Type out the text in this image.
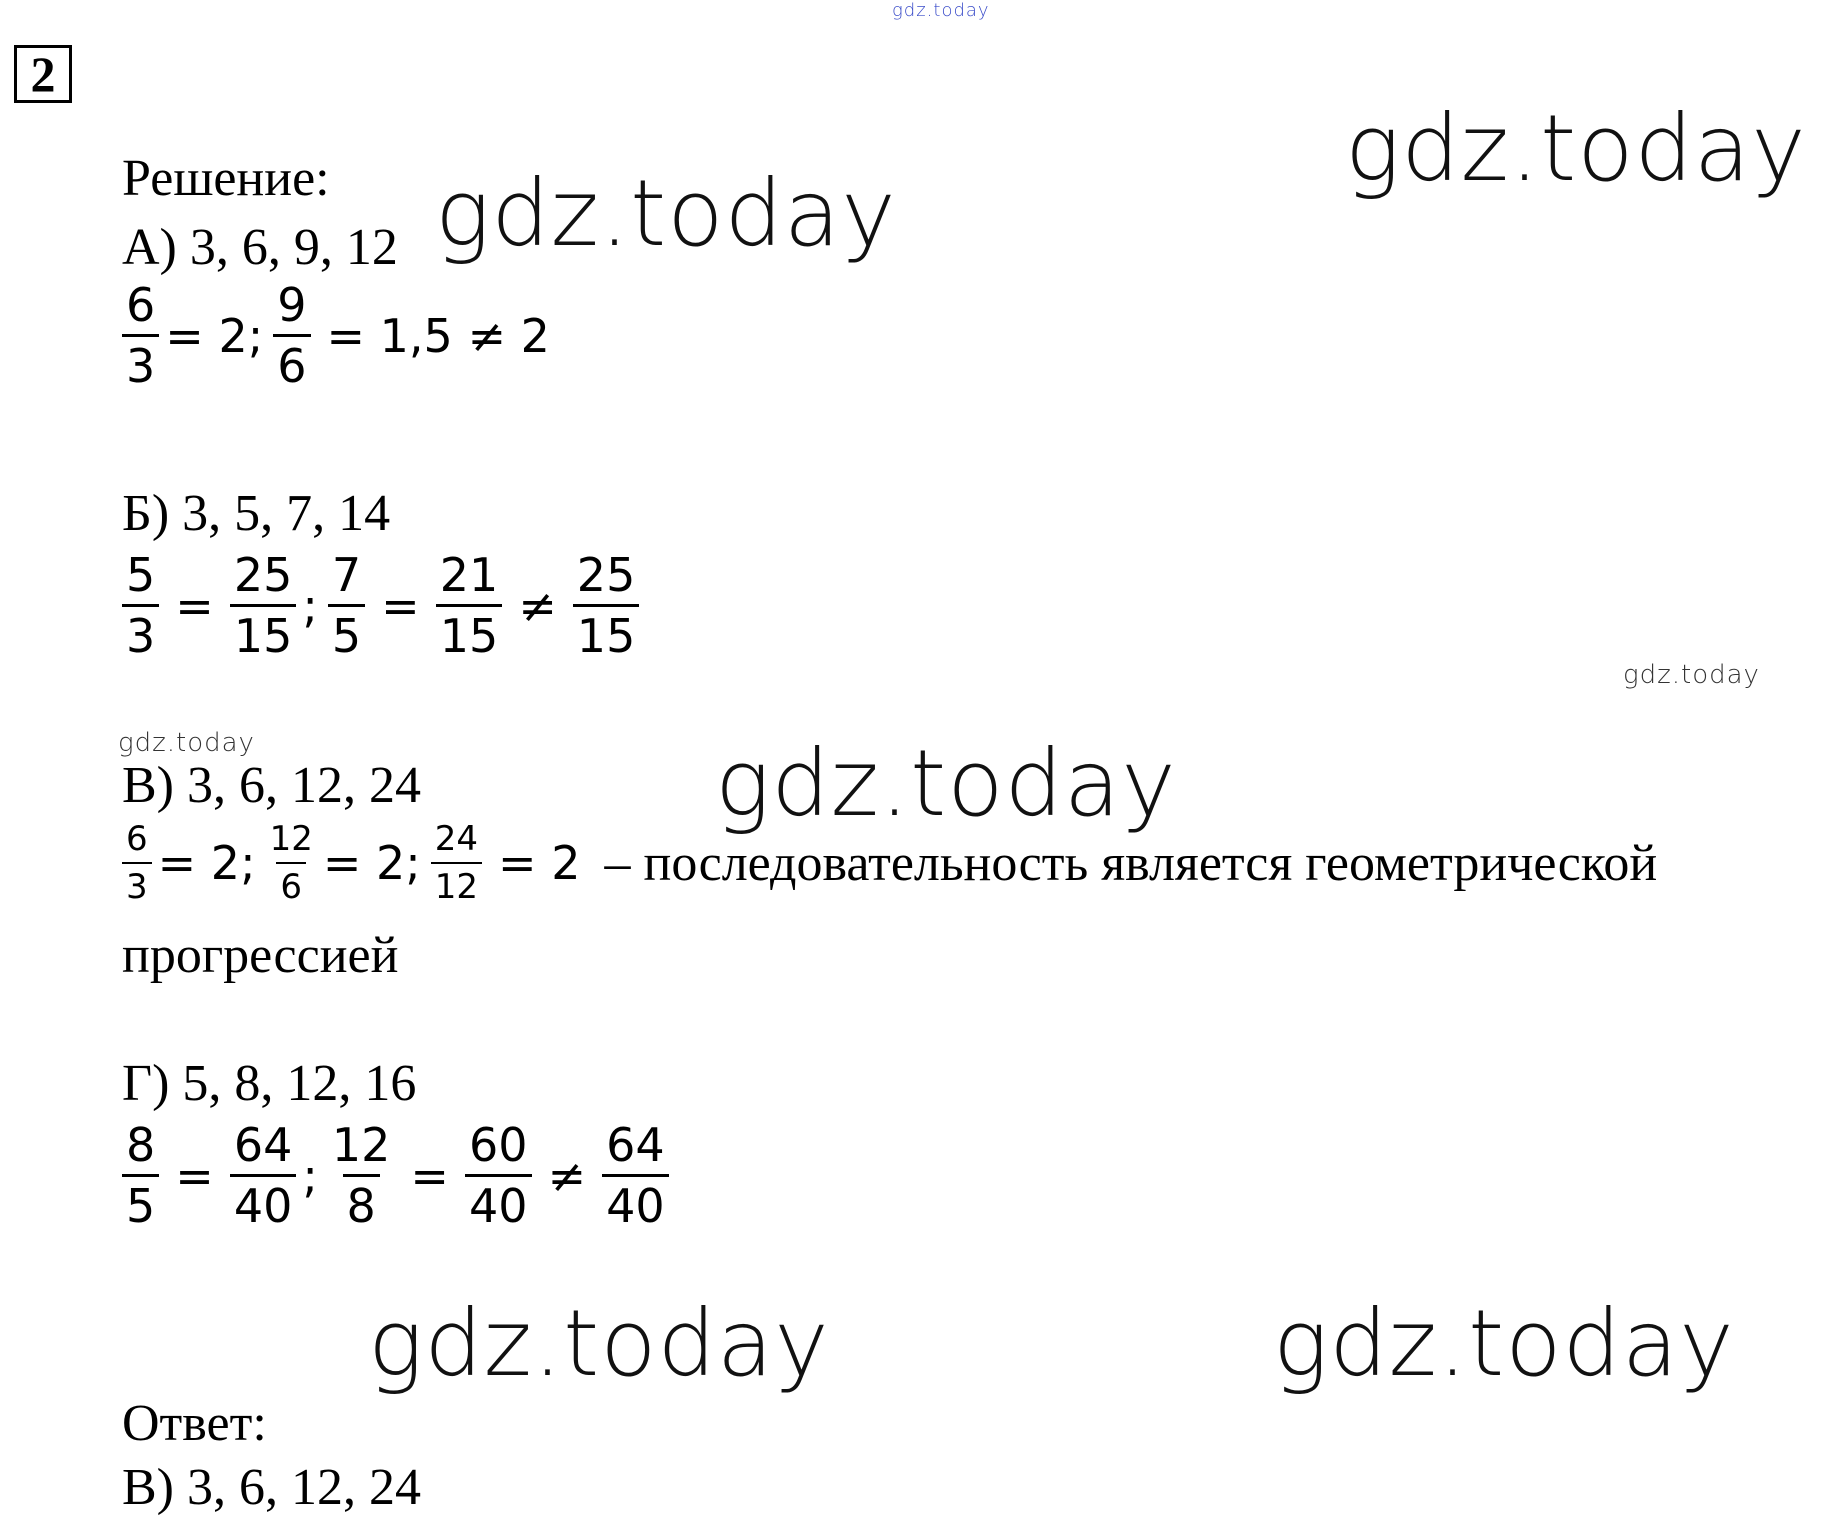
gdz.today
gdz.today
gdz.today
gdz.today
gdz.today	gdz.today
gdz.today	gdz.today
2
Решение:
А) 3, 6, 9, 12
$\frac{6}{3} = 2$; $\frac{9}{6} = 1,5 \ne 2$
Б) 3, 5, 7, 14
$\frac{5}{3} = \frac{25}{15}$ ; $\frac{7}{5} = \frac{21}{15} \ne \frac{25}{15}$
В) 3, 6, 12, 24
$\frac{6}{3} = 2$; $\frac{12}{6} = 2$; $\frac{24}{12} = 2$ – последовательность является геометрической
прогрессией
Г) 5, 8, 12, 16
$\frac{8}{5} = \frac{64}{40}$ ; $\frac{12}{8} = \frac{60}{40} \ne \frac{64}{40}$
Ответ:
В) 3, 6, 12, 24
